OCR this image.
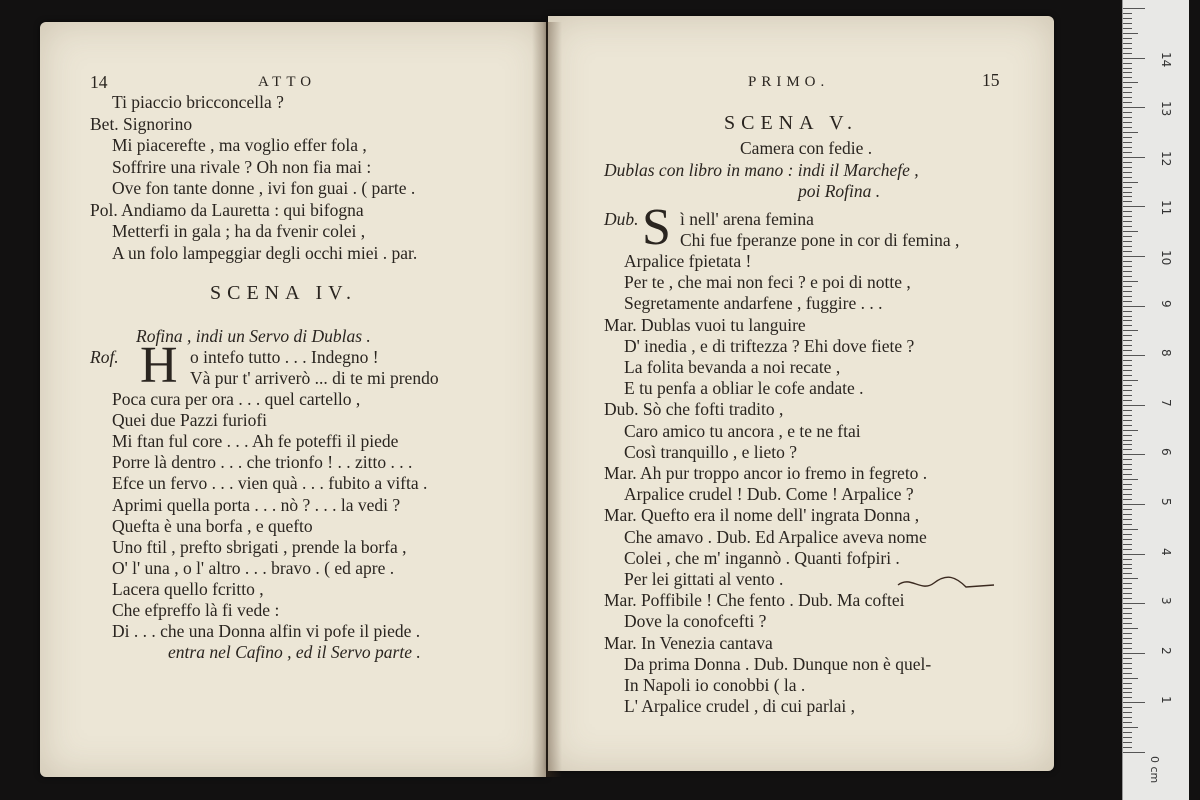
14	ATTO
Ti piaccio bricconcella ?
Bet. Signorino
Mi piacerefte , ma voglio effer fola ,
Soffrire una rivale ? Oh non fia mai :
Ove fon tante donne , ivi fon guai . ( parte .
Pol. Andiamo da Lauretta : qui bifogna
Metterfi in gala ; ha da fvenir colei ,
A un folo lampeggiar degli occhi miei . par.
SCENA IV.
Rofina , indi un Servo di Dublas .
Rof. H o intefo tutto . . . Indegno !
Và pur t' arriverò ... di te mi prendo
Poca cura per ora . . . quel cartello ,
Quei due Pazzi furiofi
Mi ftan ful core . . . Ah fe poteffi il piede
Porre là dentro . . . che trionfo ! . . zitto . . .
Efce un fervo . . . vien quà . . . fubito a vifta .
Aprimi quella porta . . . nò ? . . . la vedi ?
Quefta è una borfa , e quefto
Uno ftil , prefto sbrigati , prende la borfa ,
O' l' una , o l' altro . . . bravo . ( ed apre .
Lacera quello fcritto ,
Che efpreffo là fi vede :
Di . . . che una Donna alfin vi pofe il piede .
entra nel Cafino , ed il Servo parte .
PRIMO.	15
SCENA V.
Camera con fedie .
Dublas con libro in mano : indi il Marchefe ,
poi Rofina .
Dub. S ì nell' arena femina
Chi fue fperanze pone in cor di femina ,
Arpalice fpietata !
Per te , che mai non feci ? e poi di notte ,
Segretamente andarfene , fuggire . . .
Mar. Dublas vuoi tu languire
D' inedia , e di triftezza ? Ehi dove fiete ?
La folita bevanda a noi recate ,
E tu penfa a obliar le cofe andate .
Dub. Sò che fofti tradito ,
Caro amico tu ancora , e te ne ftai
Così tranquillo , e lieto ?
Mar. Ah pur troppo ancor io fremo in fegreto .
Arpalice crudel ! Dub. Come ! Arpalice ?
Mar. Quefto era il nome dell' ingrata Donna ,
Che amavo . Dub. Ed Arpalice aveva nome
Colei , che m' ingannò . Quanti fofpiri .
Per lei gittati al vento .
Mar. Poffibile ! Che fento . Dub. Ma coftei
Dove la conofcefti ?
Mar. In Venezia cantava
Da prima Donna . Dub. Dunque non è quel-
In Napoli io conobbi ( la .
L' Arpalice crudel , di cui parlai ,
0 cm
1
2
3
4
5
6
7
8
9
10
11
12
13
14
